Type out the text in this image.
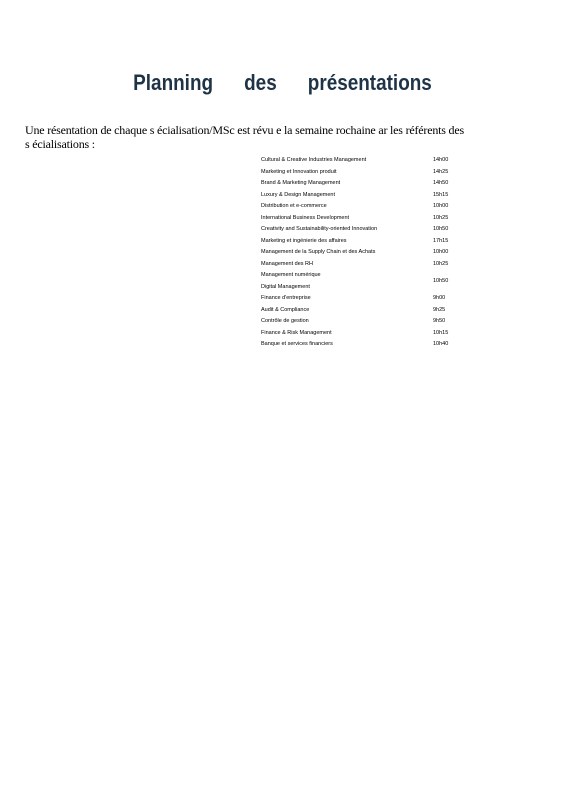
Planning des présentations
Une résentation de chaque s écialisation/MSc est révu e la semaine rochaine ar les référents des
s écialisations :
Cultural & Creative Industries Management	14h00
Marketing et Innovation produit	14h25
Brand & Marketing Management	14h50
Luxury & Design Management	15h15
Distribution et e-commerce	10h00
International Business Development	10h25
Creativity and Sustainability-oriented Innovation	10h50
Marketing et ingénierie des affaires	17h15
Management de la Supply Chain et des Achats	10h00
Management des RH	10h25
Management numérique
Digital Management
10h50
Finance d'entreprise	9h00
Audit & Compliance	9h25
Contrôle de gestion	9h50
Finance & Risk Management	10h15
Banque et services financiers	10h40
